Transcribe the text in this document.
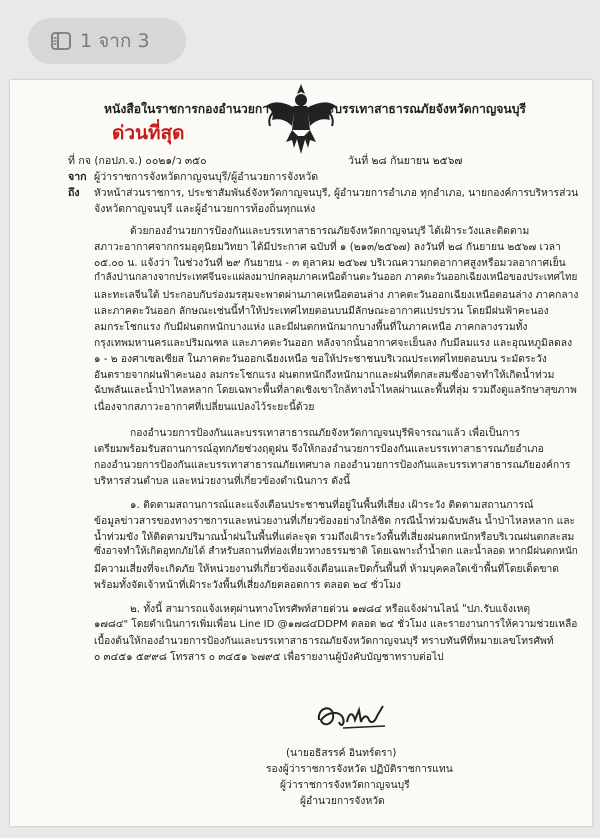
1 จาก 3
หนังสือในราชการกองอำนวยการป้องกันและบรรเทาสาธารณภัยจังหวัดกาญจนบุรี
ด่วนที่สุด
ที่ กจ (กอปภ.จ.) ๐๐๒๑/ว ๓๕๐	วันที่ ๒๘ กันยายน ๒๕๖๗
จาก ผู้ว่าราชการจังหวัดกาญจนบุรี/ผู้อำนวยการจังหวัด
ถึง หัวหน้าส่วนราชการ, ประชาสัมพันธ์จังหวัดกาญจนบุรี, ผู้อำนวยการอำเภอ ทุกอำเภอ, นายกองค์การบริหารส่วน
จังหวัดกาญจนบุรี และผู้อำนวยการท้องถิ่นทุกแห่ง
ด้วยกองอำนวยการป้องกันและบรรเทาสาธารณภัยจังหวัดกาญจนบุรี ได้เฝ้าระวังและติดตาม
สภาวะอากาศจากกรมอุตุนิยมวิทยา ได้มีประกาศ ฉบับที่ ๑ (๒๑๓/๒๕๖๗) ลงวันที่ ๒๘ กันยายน ๒๕๖๗ เวลา
๐๕.๐๐ น. แจ้งว่า ในช่วงวันที่ ๒๙ กันยายน - ๓ ตุลาคม ๒๕๖๗ บริเวณความกดอากาศสูงหรือมวลอากาศเย็น
กำลังปานกลางจากประเทศจีนจะแผ่ลงมาปกคลุมภาคเหนือด้านตะวันออก ภาคตะวันออกเฉียงเหนือของประเทศไทย
และทะเลจีนใต้ ประกอบกับร่องมรสุมจะพาดผ่านภาคเหนือตอนล่าง ภาคตะวันออกเฉียงเหนือตอนล่าง ภาคกลาง
และภาคตะวันออก ลักษณะเช่นนี้ทำให้ประเทศไทยตอนบนมีลักษณะอากาศแปรปรวน โดยมีฝนฟ้าคะนอง
ลมกระโชกแรง กับมีฝนตกหนักบางแห่ง และมีฝนตกหนักมากบางพื้นที่ในภาคเหนือ ภาคกลางรวมทั้ง
กรุงเทพมหานครและปริมณฑล และภาคตะวันออก หลังจากนั้นอากาศจะเย็นลง กับมีลมแรง และอุณหภูมิลดลง
๑ - ๒ องศาเซลเซียส ในภาคตะวันออกเฉียงเหนือ ขอให้ประชาชนบริเวณประเทศไทยตอนบน ระมัดระวัง
อันตรายจากฝนฟ้าคะนอง ลมกระโชกแรง ฝนตกหนักถึงหนักมากและฝนที่ตกสะสมซึ่งอาจทำให้เกิดน้ำท่วม
ฉับพลันและน้ำป่าไหลหลาก โดยเฉพาะพื้นที่ลาดเชิงเขาใกล้ทางน้ำไหลผ่านและพื้นที่ลุ่ม รวมถึงดูแลรักษาสุขภาพ
เนื่องจากสภาวะอากาศที่เปลี่ยนแปลงไว้ระยะนี้ด้วย
กองอำนวยการป้องกันและบรรเทาสาธารณภัยจังหวัดกาญจนบุรีพิจารณาแล้ว เพื่อเป็นการ
เตรียมพร้อมรับสถานการณ์อุทกภัยช่วงฤดูฝน จึงให้กองอำนวยการป้องกันและบรรเทาสาธารณภัยอำเภอ
กองอำนวยการป้องกันและบรรเทาสาธารณภัยเทศบาล กองอำนวยการป้องกันและบรรเทาสาธารณภัยองค์การ
บริหารส่วนตำบล และหน่วยงานที่เกี่ยวข้องดำเนินการ ดังนี้
๑. ติดตามสถานการณ์และแจ้งเตือนประชาชนที่อยู่ในพื้นที่เสี่ยง เฝ้าระวัง ติดตามสถานการณ์
ข้อมูลข่าวสารของทางราชการและหน่วยงานที่เกี่ยวข้องอย่างใกล้ชิด กรณีน้ำท่วมฉับพลัน น้ำป่าไหลหลาก และ
น้ำท่วมขัง ให้ติดตามปริมาณน้ำฝนในพื้นที่แต่ละจุด รวมถึงเฝ้าระวังพื้นที่เสี่ยงฝนตกหนักหรือบริเวณฝนตกสะสม
ซึ่งอาจทำให้เกิดอุทกภัยได้ สำหรับสถานที่ท่องเที่ยวทางธรรมชาติ โดยเฉพาะถ้ำน้ำตก และน้ำลอด หากมีฝนตกหนัก
มีความเสี่ยงที่จะเกิดภัย ให้หน่วยงานที่เกี่ยวข้องแจ้งเตือนและปิดกั้นพื้นที่ ห้ามบุคคลใดเข้าพื้นที่โดยเด็ดขาด
พร้อมทั้งจัดเจ้าหน้าที่เฝ้าระวังพื้นที่เสี่ยงภัยตลอดการ ตลอด ๒๔ ชั่วโมง
๒. ทั้งนี้ สามารถแจ้งเหตุผ่านทางโทรศัพท์สายด่วน ๑๗๘๔ หรือแจ้งผ่านไลน์ "ปภ.รับแจ้งเหตุ
๑๗๘๔" โดยดำเนินการเพิ่มเพื่อน Line ID @๑๗๘๔DDPM ตลอด ๒๔ ชั่วโมง และรายงานการให้ความช่วยเหลือ
เบื้องต้นให้กองอำนวยการป้องกันและบรรเทาสาธารณภัยจังหวัดกาญจนบุรี ทราบทันทีที่หมายเลขโทรศัพท์
๐ ๓๔๕๑ ๕๙๙๘ โทรสาร ๐ ๓๔๕๑ ๖๗๙๕ เพื่อรายงานผู้บังคับบัญชาทราบต่อไป
(นายอธิสรรค์ อินทร์ตรา)
รองผู้ว่าราชการจังหวัด ปฏิบัติราชการแทน
ผู้ว่าราชการจังหวัดกาญจนบุรี
ผู้อำนวยการจังหวัด
